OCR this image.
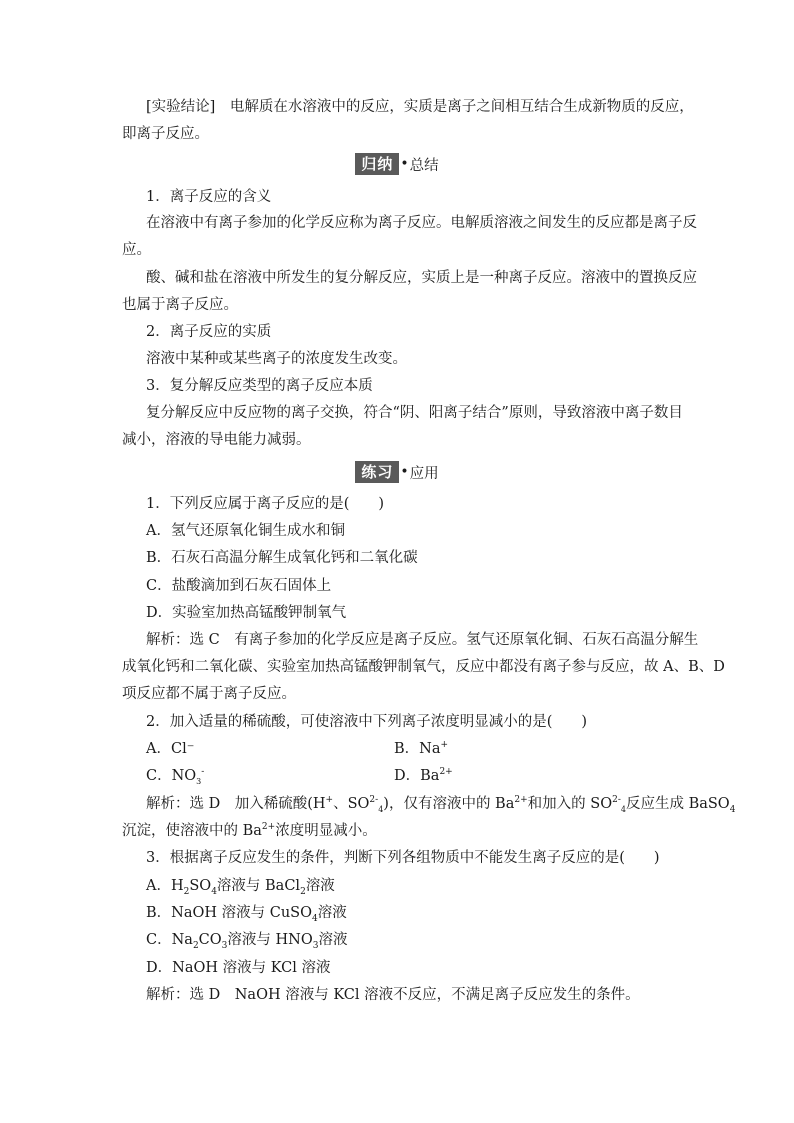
[实验结论]　电解质在水溶液中的反应，实质是离子之间相互结合生成新物质的反应，
即离子反应。
归纳 •总结
1．离子反应的含义
在溶液中有离子参加的化学反应称为离子反应。电解质溶液之间发生的反应都是离子反
应。
酸、碱和盐在溶液中所发生的复分解反应，实质上是一种离子反应。溶液中的置换反应
也属于离子反应。
2．离子反应的实质
溶液中某种或某些离子的浓度发生改变。
3．复分解反应类型的离子反应本质
复分解反应中反应物的离子交换，符合“阴、阳离子结合”原则，导致溶液中离子数目
减小，溶液的导电能力减弱。
练习 •应用
1．下列反应属于离子反应的是(　　)
A．氢气还原氧化铜生成水和铜
B．石灰石高温分解生成氧化钙和二氧化碳
C．盐酸滴加到石灰石固体上
D．实验室加热高锰酸钾制氧气
解析：选 C　有离子参加的化学反应是离子反应。氢气还原氧化铜、石灰石高温分解生
成氧化钙和二氧化碳、实验室加热高锰酸钾制氧气，反应中都没有离子参与反应，故 A、B、D
项反应都不属于离子反应。
2．加入适量的稀硫酸，可使溶液中下列离子浓度明显减小的是(　　)
A．Cl⁻	B．Na+
C．$NO_3^-$	D．$Ba^{2+}$
解析：选 D　加入稀硫酸(H+、$SO^{2-}_4$)，仅有溶液中的 $Ba^{2+}$和加入的 $SO^{2-}_4$反应生成 BaSO$_4$
沉淀，使溶液中的 $Ba^{2+}$浓度明显减小。
3．根据离子反应发生的条件，判断下列各组物质中不能发生离子反应的是(　　)
A．$H_2SO_4$溶液与 BaCl$_2$溶液
B．NaOH 溶液与 CuSO$_4$溶液
C．$Na_2CO_3$溶液与 $HNO_3$溶液
D．NaOH 溶液与 KCl 溶液
解析：选 D　NaOH 溶液与 KCl 溶液不反应，不满足离子反应发生的条件。
